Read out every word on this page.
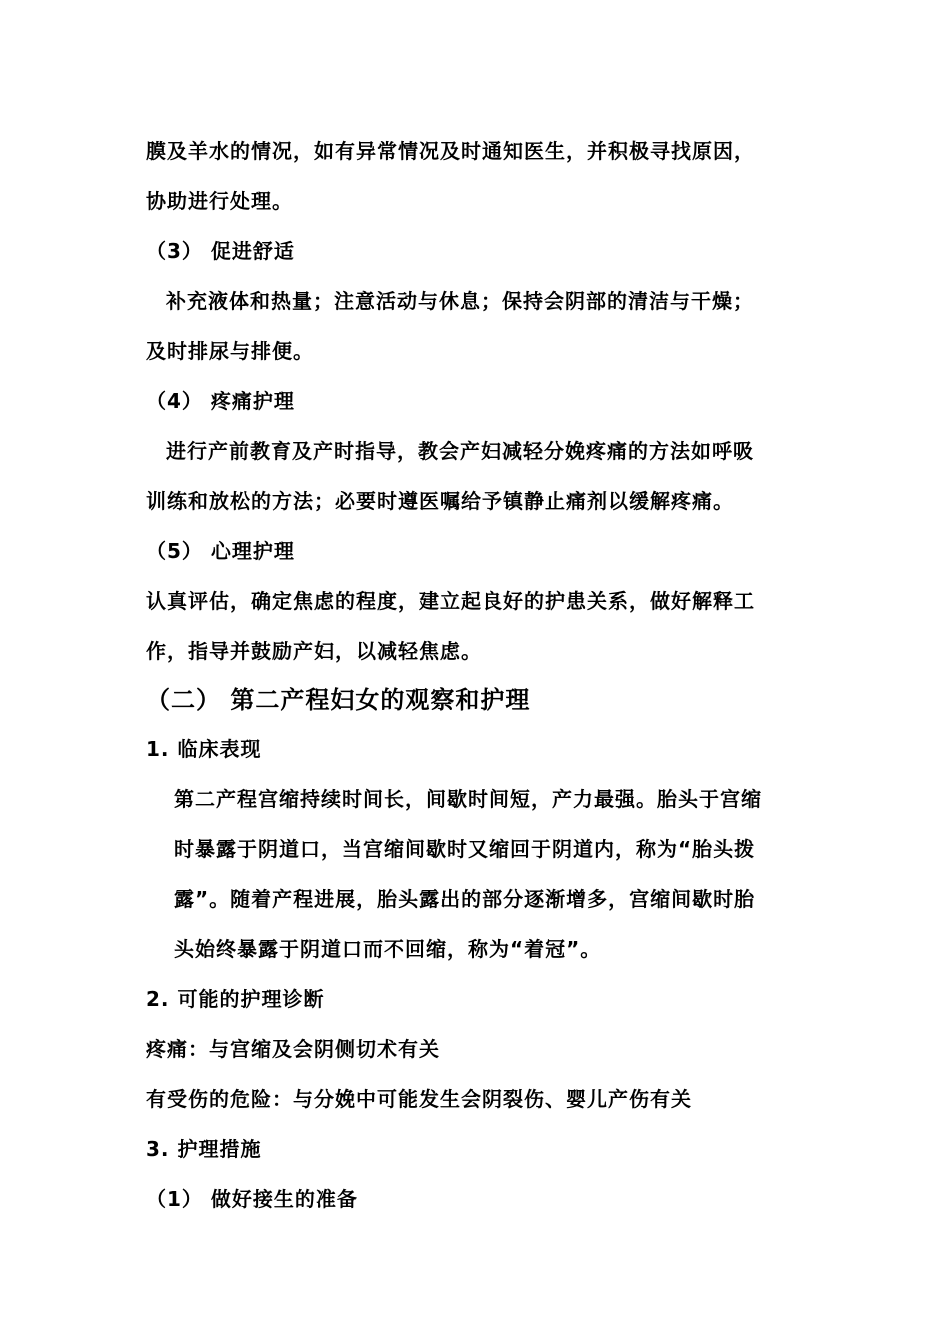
膜及羊水的情况，如有异常情况及时通知医生，并积极寻找原因，
协助进行处理。
（3） 促进舒适
补充液体和热量；注意活动与休息；保持会阴部的清洁与干燥；
及时排尿与排便。
（4） 疼痛护理
进行产前教育及产时指导，教会产妇减轻分娩疼痛的方法如呼吸
训练和放松的方法；必要时遵医嘱给予镇静止痛剂以缓解疼痛。
（5） 心理护理
认真评估，确定焦虑的程度，建立起良好的护患关系，做好解释工
作，指导并鼓励产妇，以减轻焦虑。
（二） 第二产程妇女的观察和护理
1. 临床表现
第二产程宫缩持续时间长，间歇时间短，产力最强。胎头于宫缩
时暴露于阴道口，当宫缩间歇时又缩回于阴道内，称为“胎头拨
露”。随着产程进展，胎头露出的部分逐渐增多，宫缩间歇时胎
头始终暴露于阴道口而不回缩，称为“着冠”。
2. 可能的护理诊断
疼痛：与宫缩及会阴侧切术有关
有受伤的危险：与分娩中可能发生会阴裂伤、婴儿产伤有关
3. 护理措施
（1） 做好接生的准备
